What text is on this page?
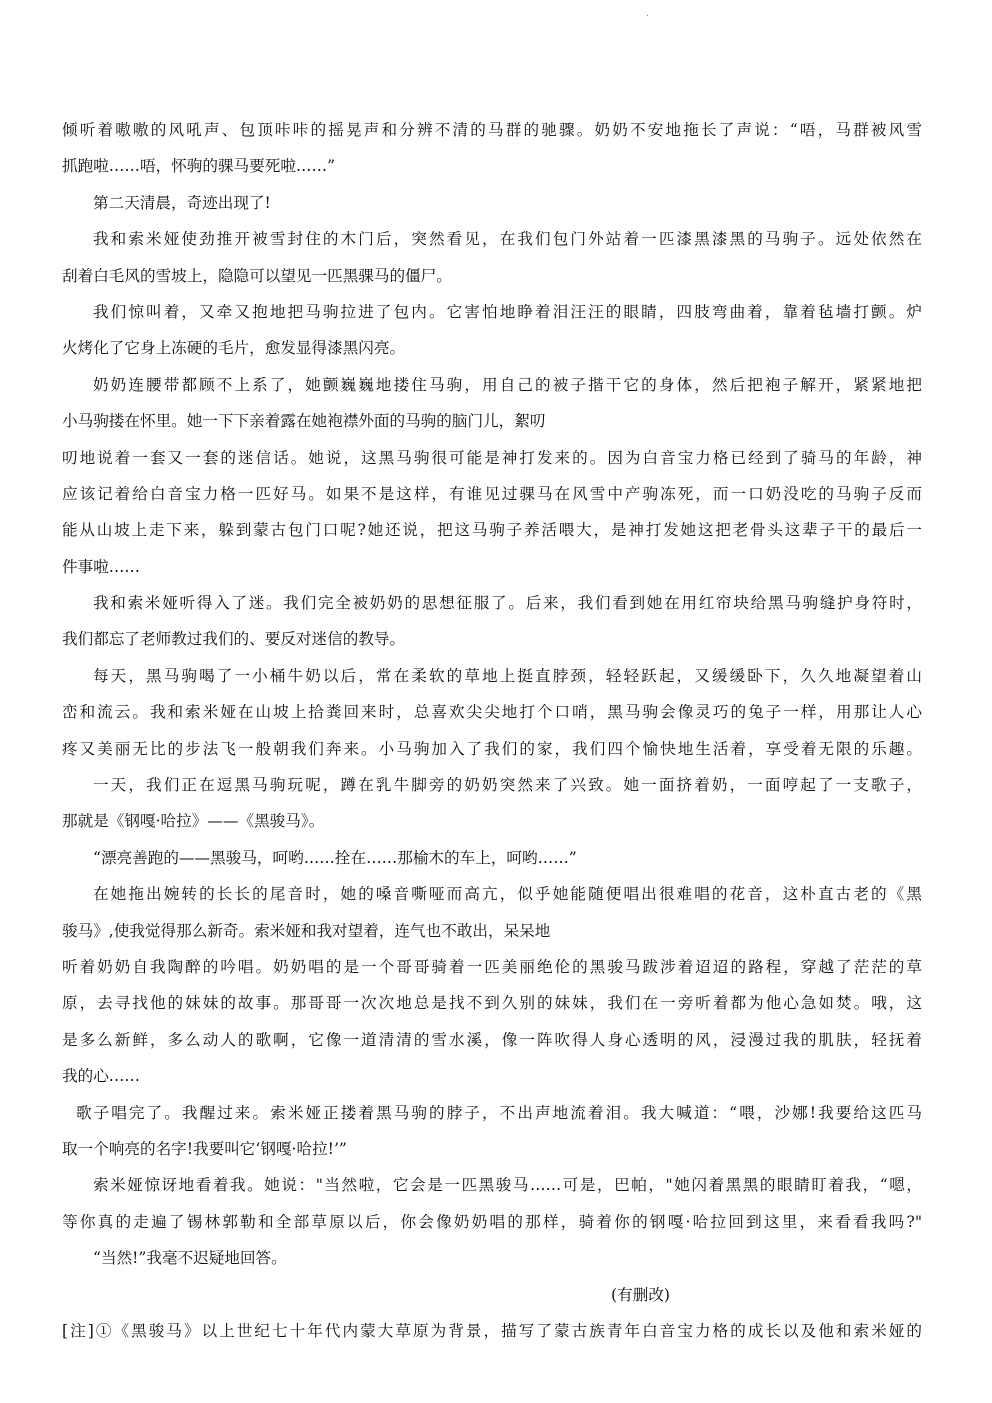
.
倾听着嗷嗷的风吼声、包顶咔咔的摇晃声和分辨不清的马群的驰骤。奶奶不安地拖长了声说：“唔，马群被风雪
抓跑啦……唔，怀驹的骒马要死啦……”
第二天清晨，奇迹出现了!
我和索米娅使劲推开被雪封住的木门后，突然看见，在我们包门外站着一匹漆黑漆黑的马驹子。远处依然在
刮着白毛风的雪坡上，隐隐可以望见一匹黑骒马的僵尸。
我们惊叫着，又牵又抱地把马驹拉进了包内。它害怕地睁着泪汪汪的眼睛，四肢弯曲着，靠着毡墙打颤。炉
火烤化了它身上冻硬的毛片，愈发显得漆黑闪亮。
奶奶连腰带都顾不上系了，她颤巍巍地搂住马驹，用自己的被子揩干它的身体，然后把袍子解开，紧紧地把
小马驹搂在怀里。她一下下亲着露在她袍襟外面的马驹的脑门儿，絮叨
叨地说着一套又一套的迷信话。她说，这黑马驹很可能是神打发来的。因为白音宝力格已经到了骑马的年龄，神
应该记着给白音宝力格一匹好马。如果不是这样，有谁见过骒马在风雪中产驹冻死，而一口奶没吃的马驹子反而
能从山坡上走下来，躲到蒙古包门口呢?她还说，把这马驹子养活喂大，是神打发她这把老骨头这辈子干的最后一
件事啦……
我和索米娅听得入了迷。我们完全被奶奶的思想征服了。后来，我们看到她在用红帘块给黑马驹缝护身符时，
我们都忘了老师教过我们的、要反对迷信的教导。
每天，黑马驹喝了一小桶牛奶以后，常在柔软的草地上挺直脖颈，轻轻跃起，又缓缓卧下，久久地凝望着山
峦和流云。我和索米娅在山坡上拾粪回来时，总喜欢尖尖地打个口哨，黑马驹会像灵巧的兔子一样，用那让人心
疼又美丽无比的步法飞一般朝我们奔来。小马驹加入了我们的家，我们四个愉快地生活着，享受着无限的乐趣。
一天，我们正在逗黑马驹玩呢，蹲在乳牛脚旁的奶奶突然来了兴致。她一面挤着奶，一面哼起了一支歌子，
那就是《钢嘎·哈拉》——《黑骏马》。
“漂亮善跑的——黑骏马，呵哟……拴在……那榆木的车上，呵哟……”
在她拖出婉转的长长的尾音时，她的嗓音嘶哑而高亢，似乎她能随便唱出很难唱的花音，这朴直古老的《黑
骏马》,使我觉得那么新奇。索米娅和我对望着，连气也不敢出，呆呆地
听着奶奶自我陶醉的吟唱。奶奶唱的是一个哥哥骑着一匹美丽绝伦的黑骏马跋涉着迢迢的路程，穿越了茫茫的草
原，去寻找他的妹妹的故事。那哥哥一次次地总是找不到久别的妹妹，我们在一旁听着都为他心急如焚。哦，这
是多么新鲜，多么动人的歌啊，它像一道清清的雪水溪，像一阵吹得人身心透明的风，浸漫过我的肌肤，轻抚着
我的心……
歌子唱完了。我醒过来。索米娅正搂着黑马驹的脖子，不出声地流着泪。我大喊道：“喂，沙娜!我要给这匹马
取一个响亮的名字!我要叫它‘钢嘎·哈拉!’”
索米娅惊讶地看着我。她说："当然啦，它会是一匹黑骏马……可是，巴帕，"她闪着黑黑的眼睛盯着我，“嗯，
等你真的走遍了锡林郭勒和全部草原以后，你会像奶奶唱的那样，骑着你的钢嘎·哈拉回到这里，来看看我吗?"
“当然!”我毫不迟疑地回答。
(有删改)
[注]①《黑骏马》以上世纪七十年代内蒙大草原为背景，描写了蒙古族青年白音宝力格的成长以及他和索米娅的
